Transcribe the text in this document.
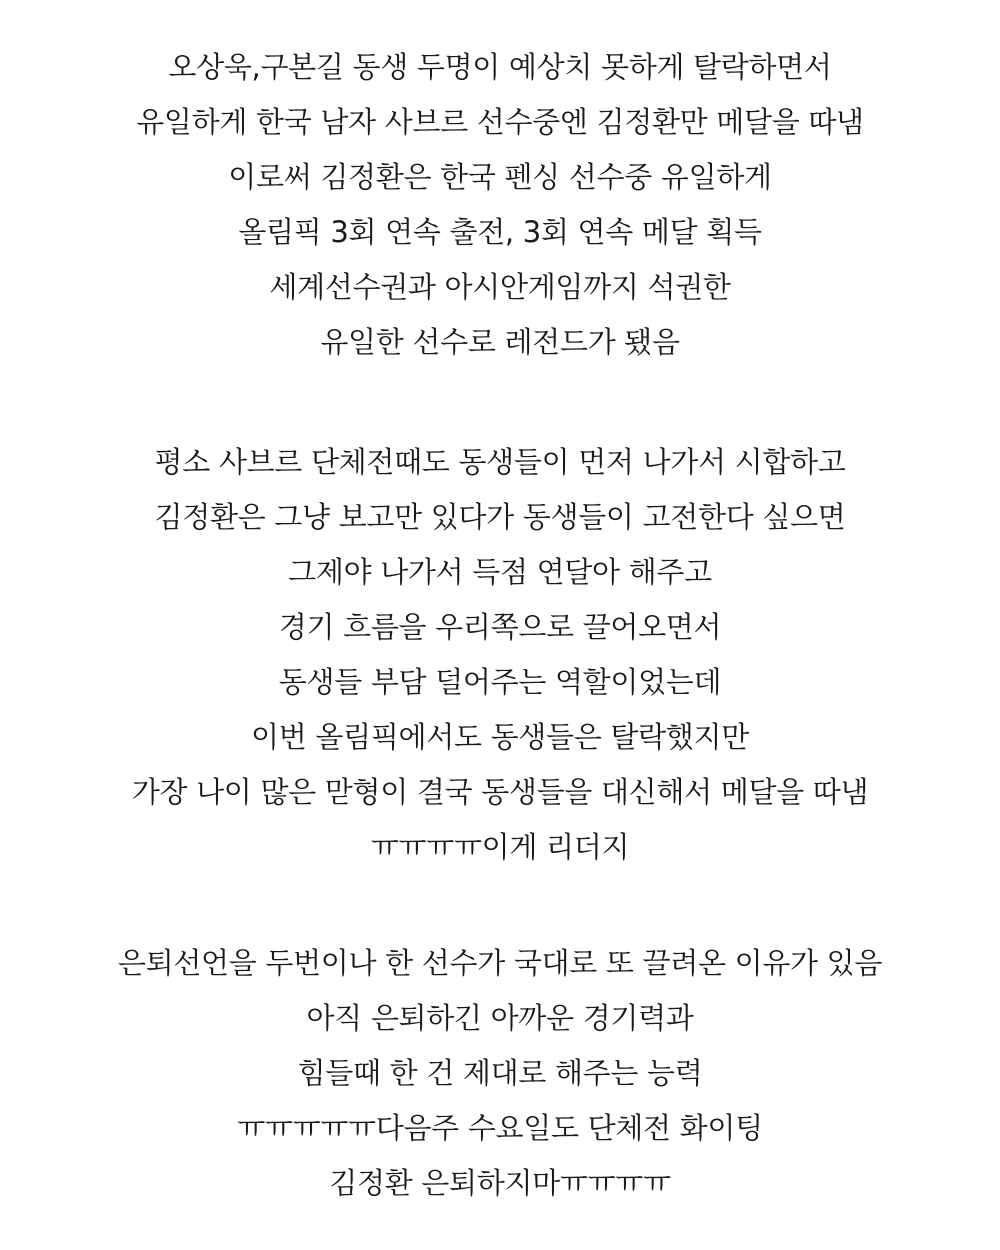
오상욱,구본길 동생 두명이 예상치 못하게 탈락하면서
유일하게 한국 남자 사브르 선수중엔 김정환만 메달을 따냄
이로써 김정환은 한국 펜싱 선수중 유일하게
올림픽 3회 연속 출전, 3회 연속 메달 획득
세계선수권과 아시안게임까지 석권한
유일한 선수로 레전드가 됐음
평소 사브르 단체전때도 동생들이 먼저 나가서 시합하고
김정환은 그냥 보고만 있다가 동생들이 고전한다 싶으면
그제야 나가서 득점 연달아 해주고
경기 흐름을 우리쪽으로 끌어오면서
동생들 부담 덜어주는 역할이었는데
이번 올림픽에서도 동생들은 탈락했지만
가장 나이 많은 맏형이 결국 동생들을 대신해서 메달을 따냄
ㅠㅠㅠㅠ이게 리더지
은퇴선언을 두번이나 한 선수가 국대로 또 끌려온 이유가 있음
아직 은퇴하긴 아까운 경기력과
힘들때 한 건 제대로 해주는 능력
ㅠㅠㅠㅠㅠ다음주 수요일도 단체전 화이팅
김정환 은퇴하지마ㅠㅠㅠㅠ
